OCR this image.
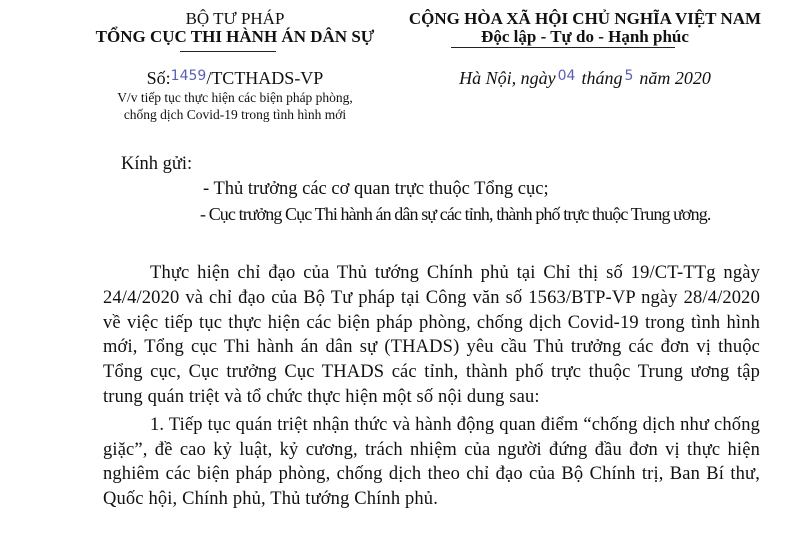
BỘ TƯ PHÁP
TỔNG CỤC THI HÀNH ÁN DÂN SỰ
CỘNG HÒA XÃ HỘI CHỦ NGHĨA VIỆT NAM
Độc lập - Tự do - Hạnh phúc
Số:$^{1459}$/TCTHADS-VP
V/v tiếp tục thực hiện các biện pháp phòng,
chống dịch Covid-19 trong tình hình mới
Hà Nội, ngày $^{04}$ tháng $^5$ năm 2020
Kính gửi:
- Thủ trưởng các cơ quan trực thuộc Tổng cục;
- Cục trưởng Cục Thi hành án dân sự các tỉnh, thành phố trực thuộc Trung ương.

Thực hiện chỉ đạo của Thủ tướng Chính phủ tại Chỉ thị số 19/CT-TTg ngày 24/4/2020 và chỉ đạo của Bộ Tư pháp tại Công văn số 1563/BTP-VP ngày 28/4/2020 về việc tiếp tục thực hiện các biện pháp phòng, chống dịch Covid-19 trong tình hình mới, Tổng cục Thi hành án dân sự (THADS) yêu cầu Thủ trưởng các đơn vị thuộc Tổng cục, Cục trưởng Cục THADS các tỉnh, thành phố trực thuộc Trung ương tập trung quán triệt và tổ chức thực hiện một số nội dung sau:

1. Tiếp tục quán triệt nhận thức và hành động quan điểm “chống dịch như chống giặc”, đề cao kỷ luật, kỷ cương, trách nhiệm của người đứng đầu đơn vị thực hiện nghiêm các biện pháp phòng, chống dịch theo chỉ đạo của Bộ Chính trị, Ban Bí thư, Quốc hội, Chính phủ, Thủ tướng Chính phủ.
